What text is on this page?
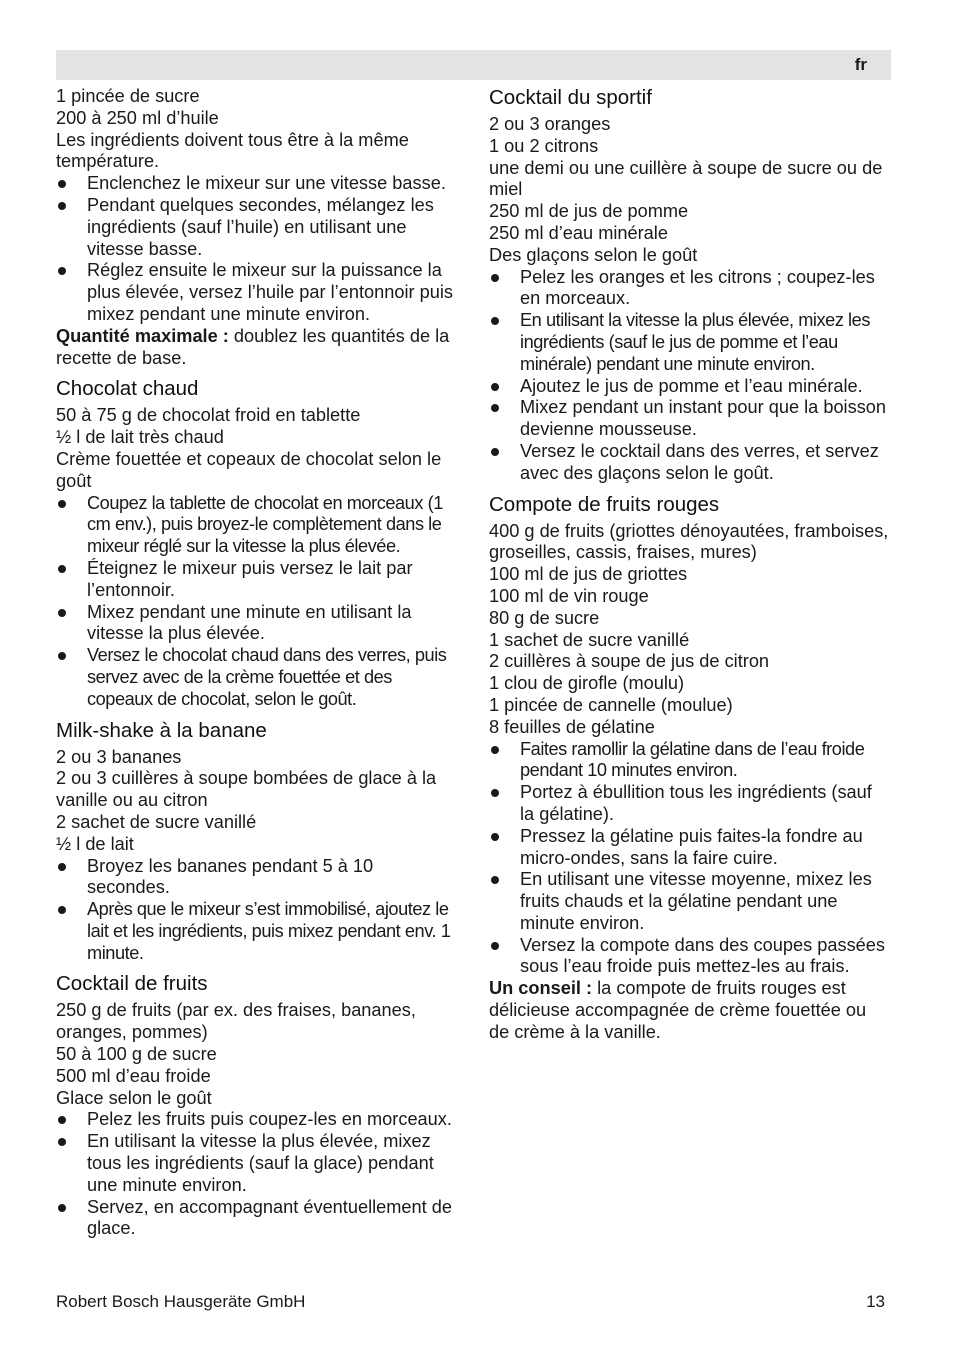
fr

1 pincée de sucre

200 à 250 ml d’huile

Les ingrédients doivent tous être à la même température.

Enclenchez le mixeur sur une vitesse basse.
Pendant quelques secondes, mélangez les ingrédients (sauf l’huile) en utilisant une vitesse basse.
Réglez ensuite le mixeur sur la puissance la plus élevée, versez l’huile par l’entonnoir puis mixez pendant une minute environ.

Quantité maximale : doublez les quantités de la recette de base.

Chocolat chaud

50 à 75 g de chocolat froid en tablette

½ l de lait très chaud

Crème fouettée et copeaux de chocolat selon le goût

Coupez la tablette de chocolat en morceaux (1 cm env.), puis broyez-le complètement dans le mixeur réglé sur la vitesse la plus élevée.
Éteignez le mixeur puis versez le lait par l’entonnoir.
Mixez pendant une minute en utilisant la vitesse la plus élevée.
Versez le chocolat chaud dans des verres, puis servez avec de la crème fouettée et des copeaux de chocolat, selon le goût.
Milk-shake à la banane

2 ou 3 bananes

2 ou 3 cuillères à soupe bombées de glace à la vanille ou au citron

2 sachet de sucre vanillé

½ l de lait

Broyez les bananes pendant 5 à 10 secondes.
Après que le mixeur s’est immobilisé, ajoutez le lait et les ingrédients, puis mixez pendant env. 1 minute.
Cocktail de fruits

250 g de fruits (par ex. des fraises, bananes, oranges, pommes)

50 à 100 g de sucre

500 ml d’eau froide

Glace selon le goût

Pelez les fruits puis coupez-les en morceaux.
En utilisant la vitesse la plus élevée, mixez tous les ingrédients (sauf la glace) pendant une minute environ.
Servez, en accompagnant éventuellement de glace.
Cocktail du sportif

2 ou 3 oranges

1 ou 2 citrons

une demi ou une cuillère à soupe de sucre ou de miel

250 ml de jus de pomme

250 ml d’eau minérale

Des glaçons selon le goût

Pelez les oranges et les citrons ; coupez-les en morceaux.
En utilisant la vitesse la plus élevée, mixez les ingrédients (sauf le jus de pomme et l’eau minérale) pendant une minute environ.
Ajoutez le jus de pomme et l’eau minérale.
Mixez pendant un instant pour que la boisson devienne mousseuse.
Versez le cocktail dans des verres, et servez avec des glaçons selon le goût.
Compote de fruits rouges

400 g de fruits (griottes dénoyautées, framboises, groseilles, cassis, fraises, mures)

100 ml de jus de griottes

100 ml de vin rouge

80 g de sucre

1 sachet de sucre vanillé

2 cuillères à soupe de jus de citron

1 clou de girofle (moulu)

1 pincée de cannelle (moulue)

8 feuilles de gélatine

Faites ramollir la gélatine dans de l’eau froide pendant 10 minutes environ.
Portez à ébullition tous les ingrédients (sauf la gélatine).
Pressez la gélatine puis faites-la fondre au micro-ondes, sans la faire cuire.
En utilisant une vitesse moyenne, mixez les fruits chauds et la gélatine pendant une minute environ.
Versez la compote dans des coupes passées sous l’eau froide puis mettez-les au frais.

Un conseil : la compote de fruits rouges est délicieuse accompagnée de crème fouettée ou de crème à la vanille.

Robert Bosch Hausgeräte GmbH	13
